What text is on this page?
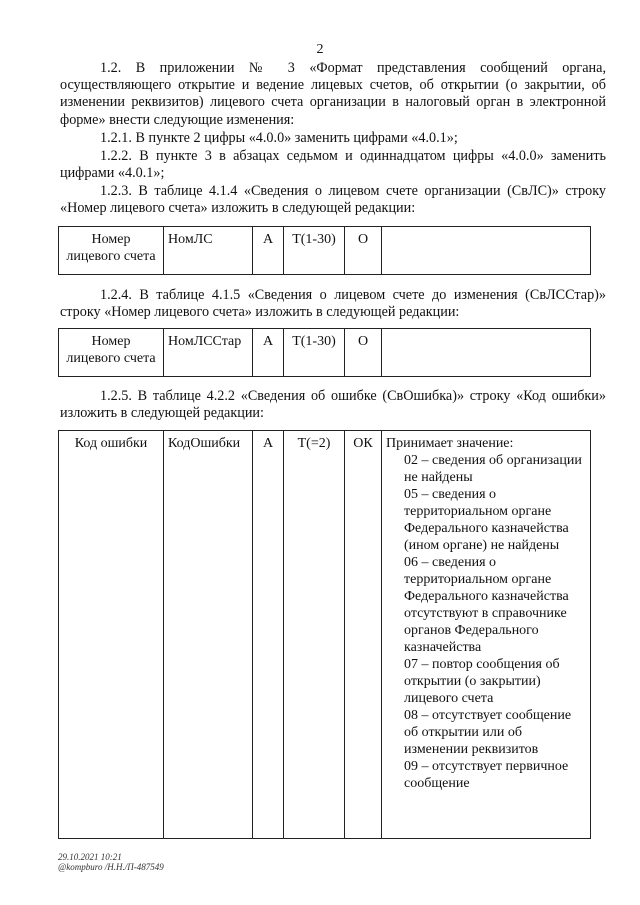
2
1.2. В приложении № 3 «Формат представления сообщений органа, осуществляющего открытие и ведение лицевых счетов, об открытии (о закрытии, об изменении реквизитов) лицевого счета организации в налоговый орган в электронной форме» внести следующие изменения:
1.2.1. В пункте 2 цифры «4.0.0» заменить цифрами «4.0.1»;
1.2.2. В пункте 3 в абзацах седьмом и одиннадцатом цифры «4.0.0» заменить цифрами «4.0.1»;
1.2.3. В таблице 4.1.4 «Сведения о лицевом счете организации (СвЛС)» строку «Номер лицевого счета» изложить в следующей редакции:
Номер лицевого счета	НомЛС	А	Т(1-30)	О	
1.2.4. В таблице 4.1.5 «Сведения о лицевом счете до изменения (СвЛССтар)» строку «Номер лицевого счета» изложить в следующей редакции:
Номер лицевого счета	НомЛССтар	А	Т(1-30)	О	
1.2.5. В таблице 4.2.2 «Сведения об ошибке (СвОшибка)» строку «Код ошибки» изложить в следующей редакции:
Код ошибки	КодОшибки	А	Т(=2)	ОК	Принимает значение:
02 – сведения об организации не найдены
05 – сведения о территориальном органе Федерального казначейства (ином органе) не найдены
06 – сведения о территориальном органе Федерального казначейства отсутствуют в справочнике органов Федерального казначейства
07 – повтор сообщения об открытии (о закрытии) лицевого счета
08 – отсутствует сообщение об открытии или об изменении реквизитов
09 – отсутствует первичное сообщение
29.10.2021 10:21
@kompburo /H.H./П-487549
